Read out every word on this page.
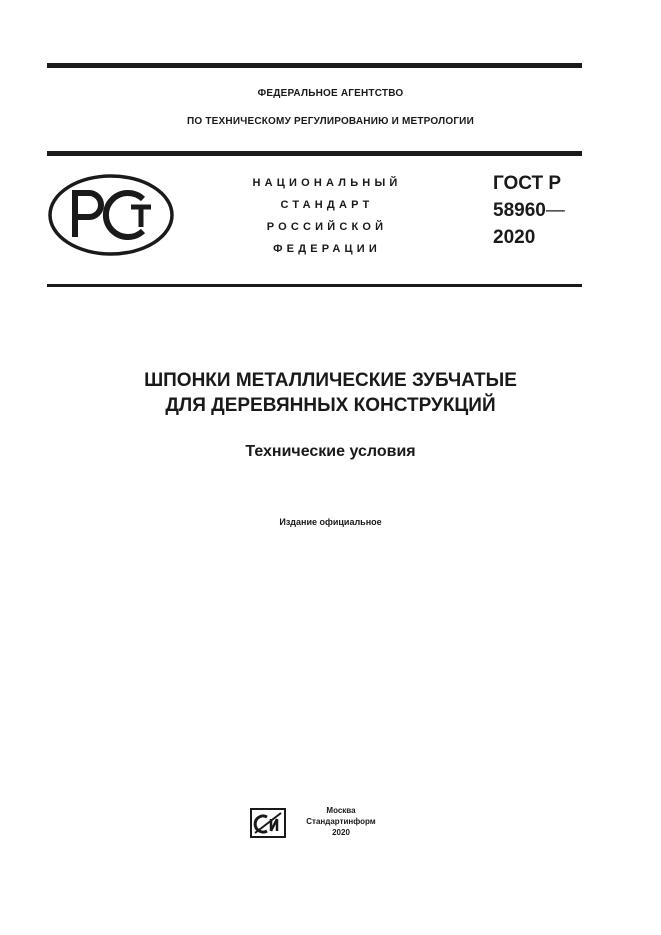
ФЕДЕРАЛЬНОЕ АГЕНТСТВО
ПО ТЕХНИЧЕСКОМУ РЕГУЛИРОВАНИЮ И МЕТРОЛОГИИ
НАЦИОНАЛЬНЫЙ
СТАНДАРТ
РОССИЙСКОЙ
ФЕДЕРАЦИИ
ГОСТ Р
58960—
2020
ШПОНКИ МЕТАЛЛИЧЕСКИЕ ЗУБЧАТЫЕ
ДЛЯ ДЕРЕВЯННЫХ КОНСТРУКЦИЙ
Технические условия
Издание официальное
Москва
Стандартинформ
2020
